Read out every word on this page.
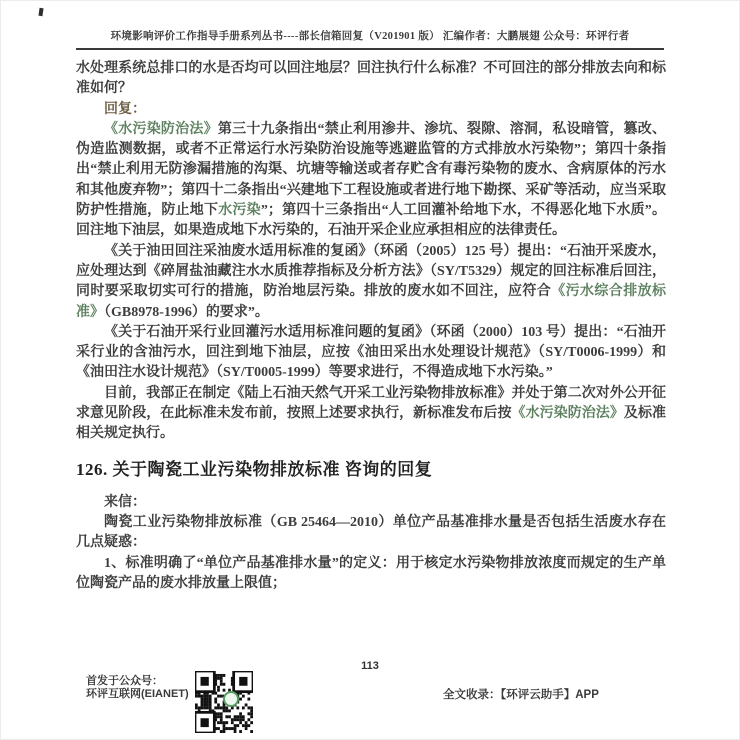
环境影响评价工作指导手册系列丛书----部长信箱回复（V201901 版） 汇编作者：大鹏展翅 公众号：环评行者

水处理系统总排口的水是否均可以回注地层？回注执行什么标准？不可回注的部分排放去向和标准如何？

回复：

《水污染防治法》第三十九条指出“禁止利用渗井、渗坑、裂隙、溶洞，私设暗管，篡改、伪造监测数据，或者不正常运行水污染防治设施等逃避监管的方式排放水污染物”；第四十条指出“禁止利用无防渗漏措施的沟渠、坑塘等输送或者存贮含有毒污染物的废水、含病原体的污水和其他废弃物”；第四十二条指出“兴建地下工程设施或者进行地下勘探、采矿等活动，应当采取防护性措施，防止地下水污染”；第四十三条指出“人工回灌补给地下水，不得恶化地下水质”。回注地下油层，如果造成地下水污染的，石油开采企业应承担相应的法律责任。

《关于油田回注采油废水适用标准的复函》（环函（2005）125 号）提出：“石油开采废水，应处理达到《碎屑盐油藏注水水质推荐指标及分析方法》（SY/T5329）规定的回注标准后回注，同时要采取切实可行的措施，防治地层污染。排放的废水如不回注，应符合《污水综合排放标准》（GB8978-1996）的要求”。

《关于石油开采行业回灌污水适用标准问题的复函》（环函（2000）103 号）提出：“石油开采行业的含油污水，回注到地下油层，应按《油田采出水处理设计规范》（SY/T0006-1999）和《油田注水设计规范》（SY/T0005-1999）等要求进行，不得造成地下水污染。”

目前，我部正在制定《陆上石油天然气开采工业污染物排放标准》并处于第二次对外公开征求意见阶段，在此标准未发布前，按照上述要求执行，新标准发布后按《水污染防治法》及标准相关规定执行。

126. 关于陶瓷工业污染物排放标准 咨询的回复

来信：

陶瓷工业污染物排放标准（GB 25464—2010）单位产品基准排水量是否包括生活废水存在几点疑惑：

1、标准明确了“单位产品基准排水量”的定义：用于核定水污染物排放浓度而规定的生产单位陶瓷产品的废水排放量上限值；

113
首发于公众号：
环评互联网(EIANET)	全文收录：【环评云助手】APP
